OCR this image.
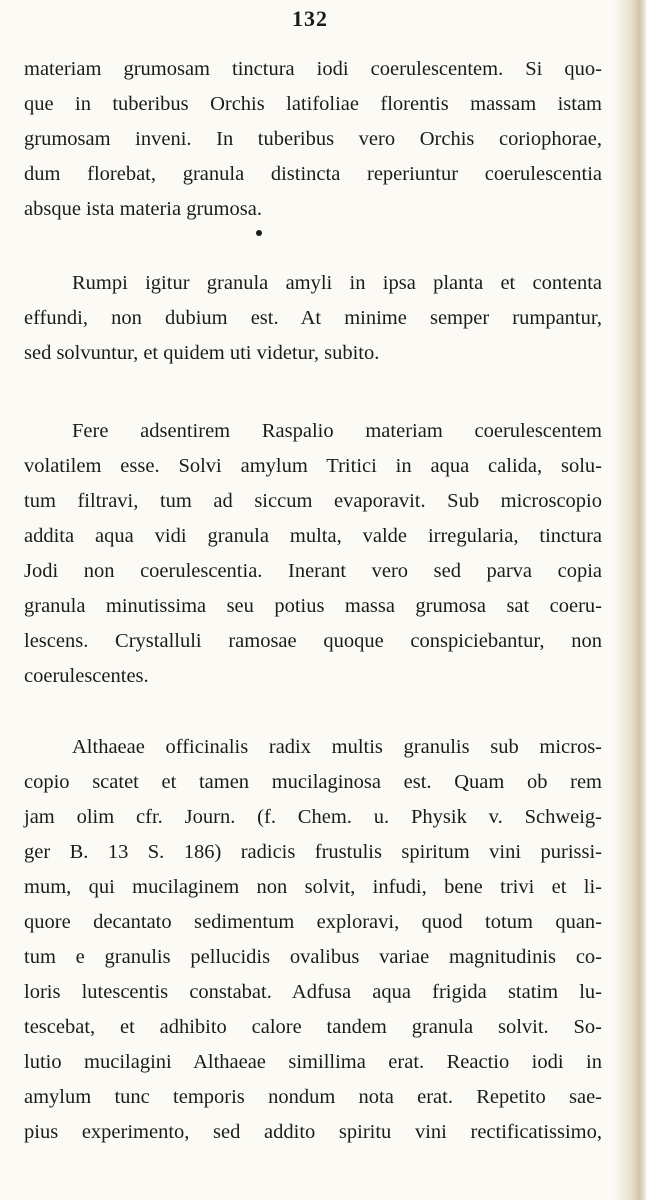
132
materiam grumosam tinctura iodi coerulescentem. Si quo-
que in tuberibus Orchis latifoliae florentis massam istam
grumosam inveni. In tuberibus vero Orchis coriophorae,
dum florebat, granula distincta reperiuntur coerulescentia
absque ista materia grumosa.
Rumpi igitur granula amyli in ipsa planta et contenta
effundi, non dubium est. At minime semper rumpantur,
sed solvuntur, et quidem uti videtur, subito.
Fere adsentirem Raspalio materiam coerulescentem
volatilem esse. Solvi amylum Tritici in aqua calida, solu-
tum filtravi, tum ad siccum evaporavit. Sub microscopio
addita aqua vidi granula multa, valde irregularia, tinctura
Jodi non coerulescentia. Inerant vero sed parva copia
granula minutissima seu potius massa grumosa sat coeru-
lescens. Crystalluli ramosae quoque conspiciebantur, non
coerulescentes.
Althaeae officinalis radix multis granulis sub micros-
copio scatet et tamen mucilaginosa est. Quam ob rem
jam olim cfr. Journ. (f. Chem. u. Physik v. Schweig-
ger B. 13 S. 186) radicis frustulis spiritum vini purissi-
mum, qui mucilaginem non solvit, infudi, bene trivi et li-
quore decantato sedimentum exploravi, quod totum quan-
tum e granulis pellucidis ovalibus variae magnitudinis co-
loris lutescentis constabat. Adfusa aqua frigida statim lu-
tescebat, et adhibito calore tandem granula solvit. So-
lutio mucilagini Althaeae simillima erat. Reactio iodi in
amylum tunc temporis nondum nota erat. Repetito sae-
pius experimento, sed addito spiritu vini rectificatissimo,
